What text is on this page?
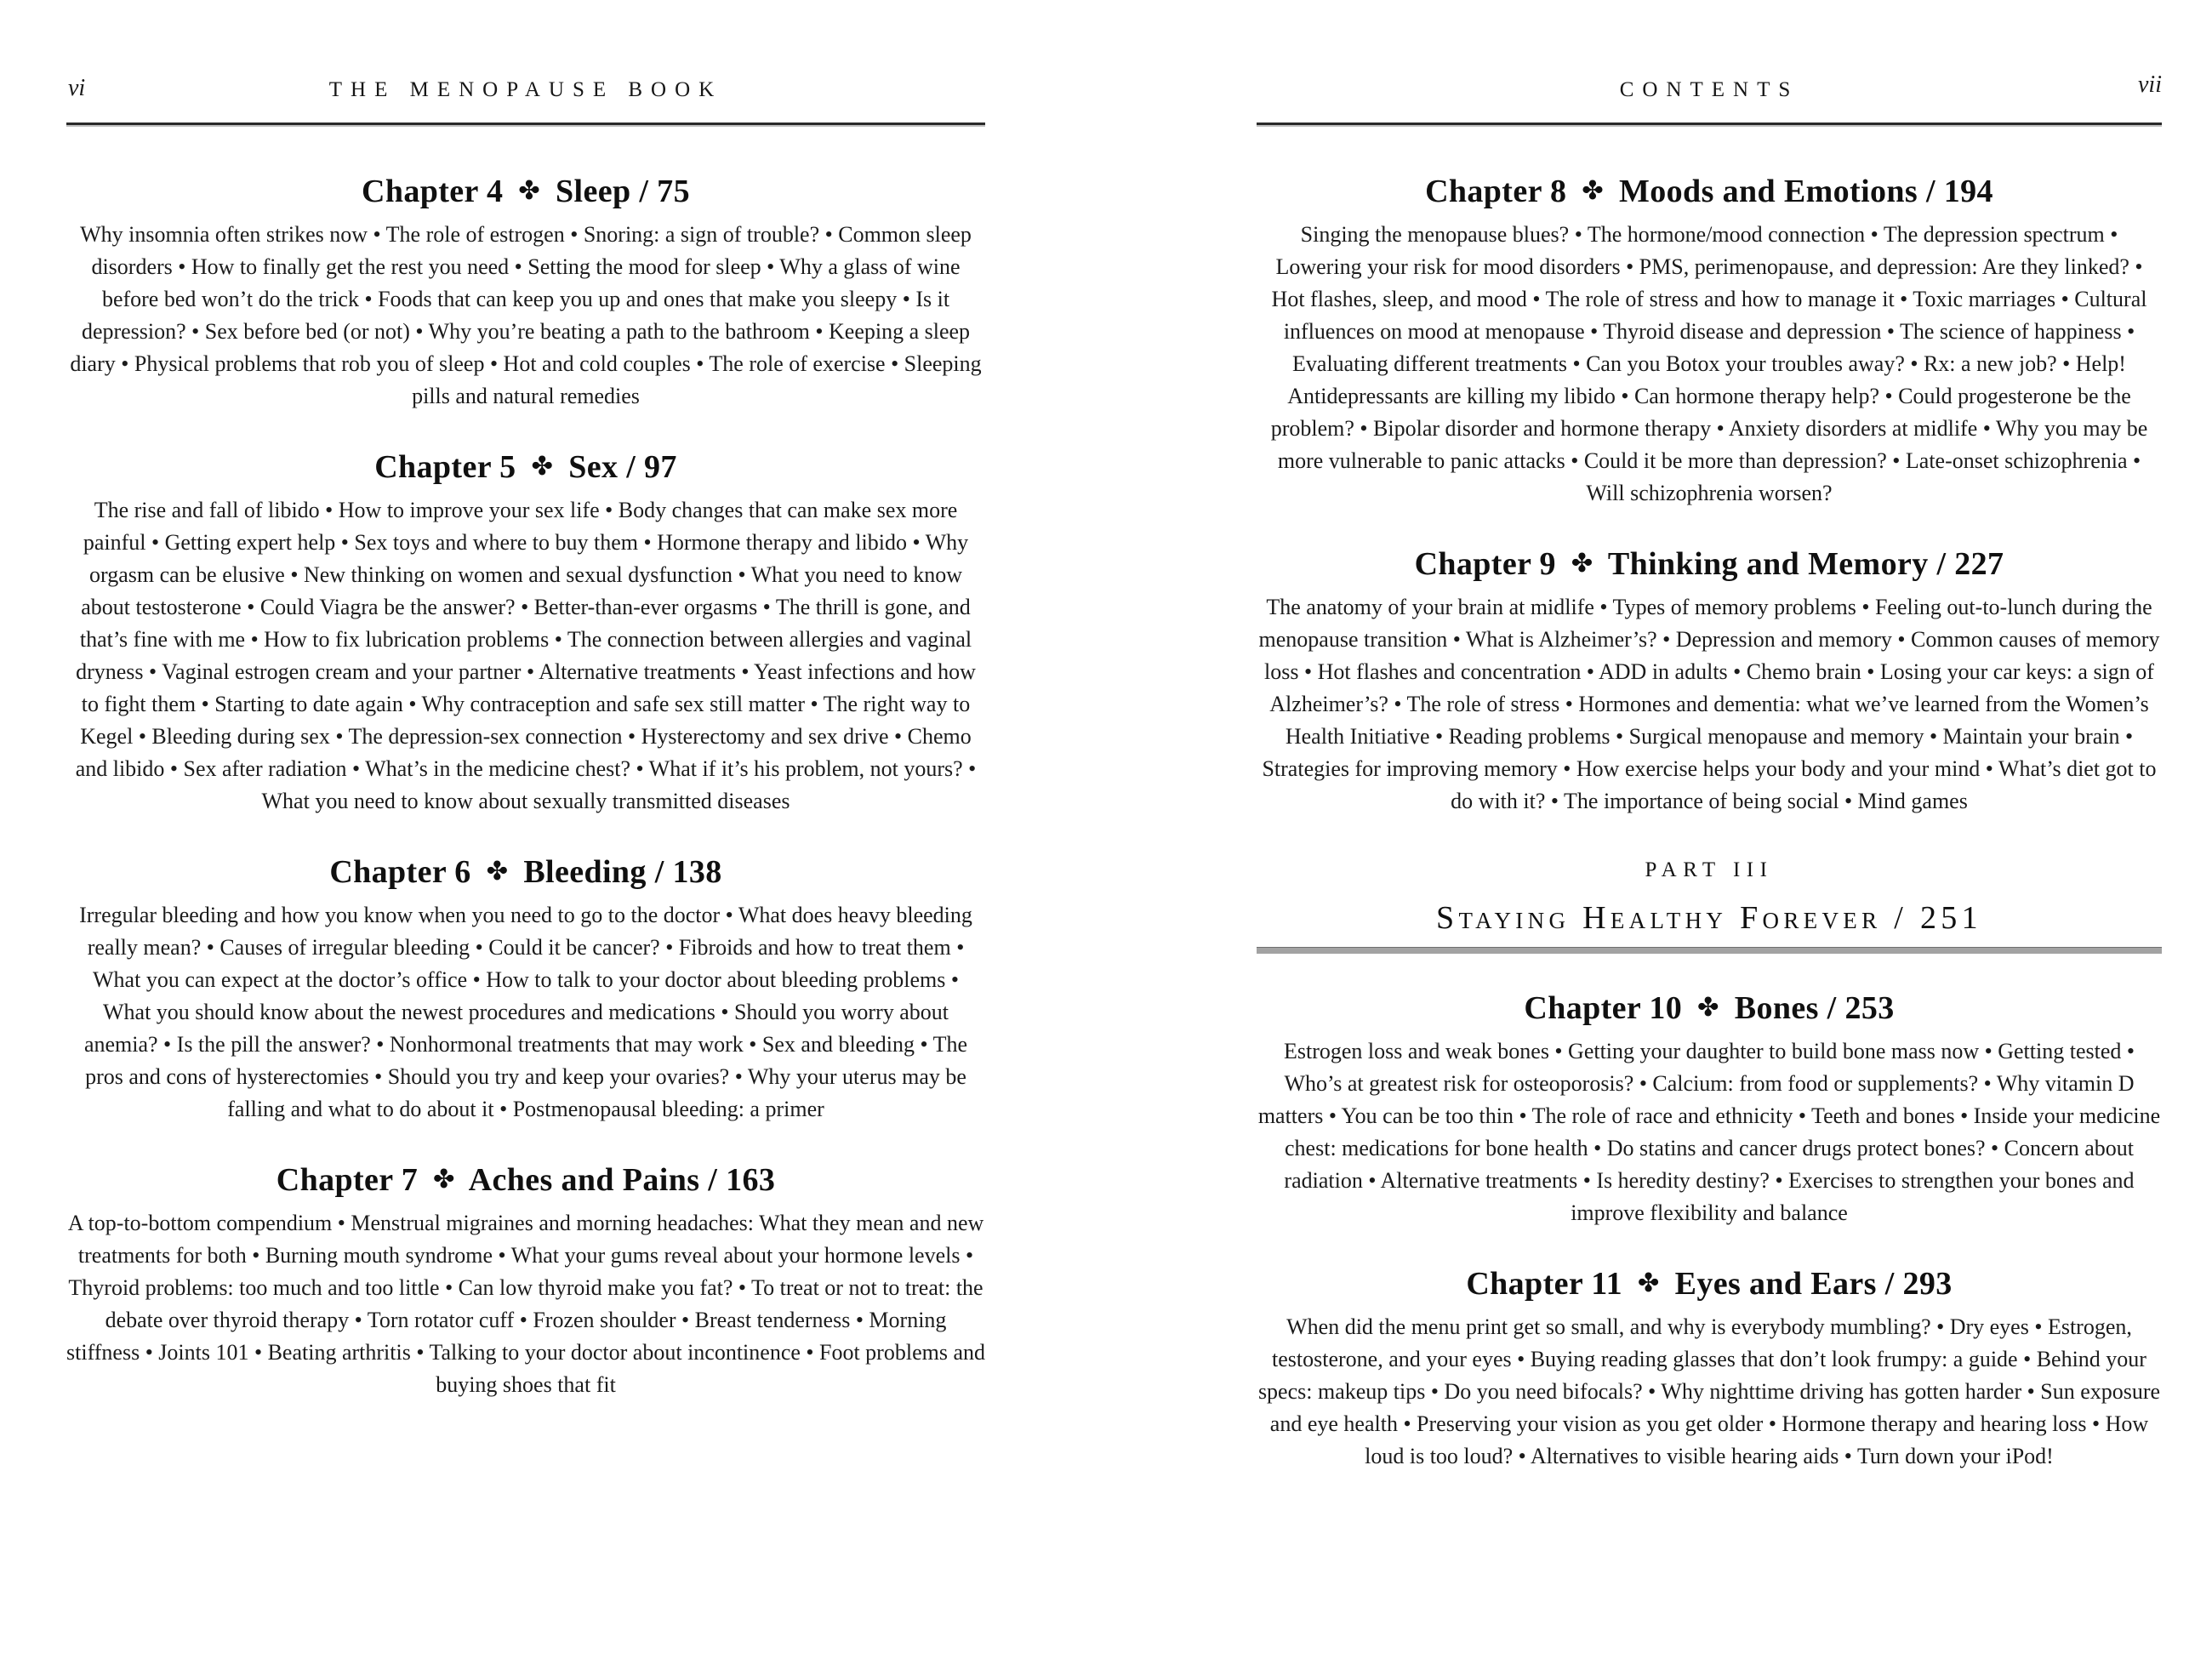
vi	THE MENOPAUSE BOOK
Chapter 4 ✤ Sleep / 75

Why insomnia often strikes now • The role of estrogen • Snoring: a sign of trouble? • Common sleep disorders • How to finally get the rest you need • Setting the mood for sleep • Why a glass of wine before bed won’t do the trick • Foods that can keep you up and ones that make you sleepy • Is it depression? • Sex before bed (or not) • Why you’re beating a path to the bathroom • Keeping a sleep diary • Physical problems that rob you of sleep • Hot and cold couples • The role of exercise • Sleeping pills and natural remedies

Chapter 5 ✤ Sex / 97

The rise and fall of libido • How to improve your sex life • Body changes that can make sex more painful • Getting expert help • Sex toys and where to buy them • Hormone therapy and libido • Why orgasm can be elusive • New thinking on women and sexual dysfunction • What you need to know about testosterone • Could Viagra be the answer? • Better-than-ever orgasms • The thrill is gone, and that’s fine with me • How to fix lubrication problems • The connection between allergies and vaginal dryness • Vaginal estrogen cream and your partner • Alternative treatments • Yeast infections and how to fight them • Starting to date again • Why contraception and safe sex still matter • The right way to Kegel • Bleeding during sex • The depression-sex connection • Hysterectomy and sex drive • Chemo and libido • Sex after radiation • What’s in the medicine chest? • What if it’s his problem, not yours? • What you need to know about sexually transmitted diseases

Chapter 6 ✤ Bleeding / 138

Irregular bleeding and how you know when you need to go to the doctor • What does heavy bleeding really mean? • Causes of irregular bleeding • Could it be cancer? • Fibroids and how to treat them • What you can expect at the doctor’s office • How to talk to your doctor about bleeding problems • What you should know about the newest procedures and medications • Should you worry about anemia? • Is the pill the answer? • Nonhormonal treatments that may work • Sex and bleeding • The pros and cons of hysterectomies • Should you try and keep your ovaries? • Why your uterus may be falling and what to do about it • Postmenopausal bleeding: a primer

Chapter 7 ✤ Aches and Pains / 163

A top-to-bottom compendium • Menstrual migraines and morning headaches: What they mean and new treatments for both • Burning mouth syndrome • What your gums reveal about your hormone levels • Thyroid problems: too much and too little • Can low thyroid make you fat? • To treat or not to treat: the debate over thyroid therapy • Torn rotator cuff • Frozen shoulder • Breast tenderness • Morning stiffness • Joints 101 • Beating arthritis • Talking to your doctor about incontinence • Foot problems and buying shoes that fit

CONTENTS	vii
Chapter 8 ✤ Moods and Emotions / 194

Singing the menopause blues? • The hormone/mood connection • The depression spectrum • Lowering your risk for mood disorders • PMS, perimenopause, and depression: Are they linked? • Hot flashes, sleep, and mood • The role of stress and how to manage it • Toxic marriages • Cultural influences on mood at menopause • Thyroid disease and depression • The science of happiness • Evaluating different treatments • Can you Botox your troubles away? • Rx: a new job? • Help! Antidepressants are killing my libido • Can hormone therapy help? • Could progesterone be the problem? • Bipolar disorder and hormone therapy • Anxiety disorders at midlife • Why you may be more vulnerable to panic attacks • Could it be more than depression? • Late-onset schizophrenia • Will schizophrenia worsen?

Chapter 9 ✤ Thinking and Memory / 227

The anatomy of your brain at midlife • Types of memory problems • Feeling out-to-lunch during the menopause transition • What is Alzheimer’s? • Depression and memory • Common causes of memory loss • Hot flashes and concentration • ADD in adults • Chemo brain • Losing your car keys: a sign of Alzheimer’s? • The role of stress • Hormones and dementia: what we’ve learned from the Women’s Health Initiative • Reading problems • Surgical menopause and memory • Maintain your brain • Strategies for improving memory • How exercise helps your body and your mind • What’s diet got to do with it? • The importance of being social • Mind games

PART III
Staying Healthy Forever / 251
Chapter 10 ✤ Bones / 253

Estrogen loss and weak bones • Getting your daughter to build bone mass now • Getting tested • Who’s at greatest risk for osteoporosis? • Calcium: from food or supplements? • Why vitamin D matters • You can be too thin • The role of race and ethnicity • Teeth and bones • Inside your medicine chest: medications for bone health • Do statins and cancer drugs protect bones? • Concern about radiation • Alternative treatments • Is heredity destiny? • Exercises to strengthen your bones and improve flexibility and balance

Chapter 11 ✤ Eyes and Ears / 293

When did the menu print get so small, and why is everybody mumbling? • Dry eyes • Estrogen, testosterone, and your eyes • Buying reading glasses that don’t look frumpy: a guide • Behind your specs: makeup tips • Do you need bifocals? • Why nighttime driving has gotten harder • Sun exposure and eye health • Preserving your vision as you get older • Hormone therapy and hearing loss • How loud is too loud? • Alternatives to visible hearing aids • Turn down your iPod!
